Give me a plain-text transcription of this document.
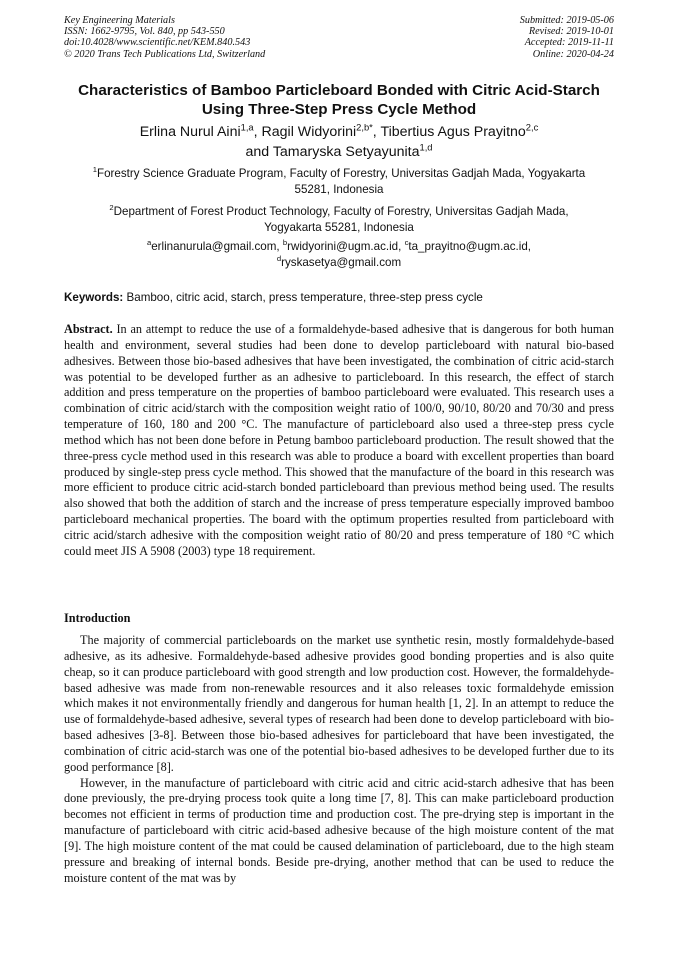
Key Engineering Materials
ISSN: 1662-9795, Vol. 840, pp 543-550
doi:10.4028/www.scientific.net/KEM.840.543
© 2020 Trans Tech Publications Ltd, Switzerland
Submitted: 2019-05-06
Revised: 2019-10-01
Accepted: 2019-11-11
Online: 2020-04-24
Characteristics of Bamboo Particleboard Bonded with Citric Acid-Starch
Using Three-Step Press Cycle Method
Erlina Nurul Aini$^{1,a}$, Ragil Widyorini$^{2,b*}$, Tibertius Agus Prayitno$^{2,c}$
and Tamaryska Setyayunita$^{1,d}$
$^1$Forestry Science Graduate Program, Faculty of Forestry, Universitas Gadjah Mada, Yogyakarta
55281, Indonesia
$^2$Department of Forest Product Technology, Faculty of Forestry, Universitas Gadjah Mada,
Yogyakarta 55281, Indonesia
$^a$erlinanurula@gmail.com, $^b$rwidyorini@ugm.ac.id, $^c$ta_prayitno@ugm.ac.id,
$^d$ryskasetya@gmail.com
Keywords: Bamboo, citric acid, starch, press temperature, three-step press cycle
Abstract. In an attempt to reduce the use of a formaldehyde-based adhesive that is dangerous for both human health and environment, several studies had been done to develop particleboard with natural bio-based adhesives. Between those bio-based adhesives that have been investigated, the combination of citric acid-starch was potential to be developed further as an adhesive to particleboard. In this research, the effect of starch addition and press temperature on the properties of bamboo particleboard were evaluated. This research uses a combination of citric acid/starch with the composition weight ratio of 100/0, 90/10, 80/20 and 70/30 and press temperature of 160, 180 and 200 °C. The manufacture of particleboard also used a three-step press cycle method which has not been done before in Petung bamboo particleboard production. The result showed that the three-press cycle method used in this research was able to produce a board with excellent properties than board produced by single-step press cycle method. This showed that the manufacture of the board in this research was more efficient to produce citric acid-starch bonded particleboard than previous method being used. The results also showed that both the addition of starch and the increase of press temperature especially improved bamboo particleboard mechanical properties. The board with the optimum properties resulted from particleboard with citric acid/starch adhesive with the composition weight ratio of 80/20 and press temperature of 180 °C which could meet JIS A 5908 (2003) type 18 requirement.
Introduction

The majority of commercial particleboards on the market use synthetic resin, mostly formaldehyde-based adhesive, as its adhesive. Formaldehyde-based adhesive provides good bonding properties and is also quite cheap, so it can produce particleboard with good strength and low production cost. However, the formaldehyde-based adhesive was made from non-renewable resources and it also releases toxic formaldehyde emission which makes it not environmentally friendly and dangerous for human health [1, 2]. In an attempt to reduce the use of formaldehyde-based adhesive, several types of research had been done to develop particleboard with bio-based adhesives [3-8]. Between those bio-based adhesives for particleboard that have been investigated, the combination of citric acid-starch was one of the potential bio-based adhesives to be developed further due to its good performance [8].

However, in the manufacture of particleboard with citric acid and citric acid-starch adhesive that has been done previously, the pre-drying process took quite a long time [7, 8]. This can make particleboard production becomes not efficient in terms of production time and production cost. The pre-drying step is important in the manufacture of particleboard with citric acid-based adhesive because of the high moisture content of the mat [9]. The high moisture content of the mat could be caused delamination of particleboard, due to the high steam pressure and breaking of internal bonds. Beside pre-drying, another method that can be used to reduce the moisture content of the mat was by
